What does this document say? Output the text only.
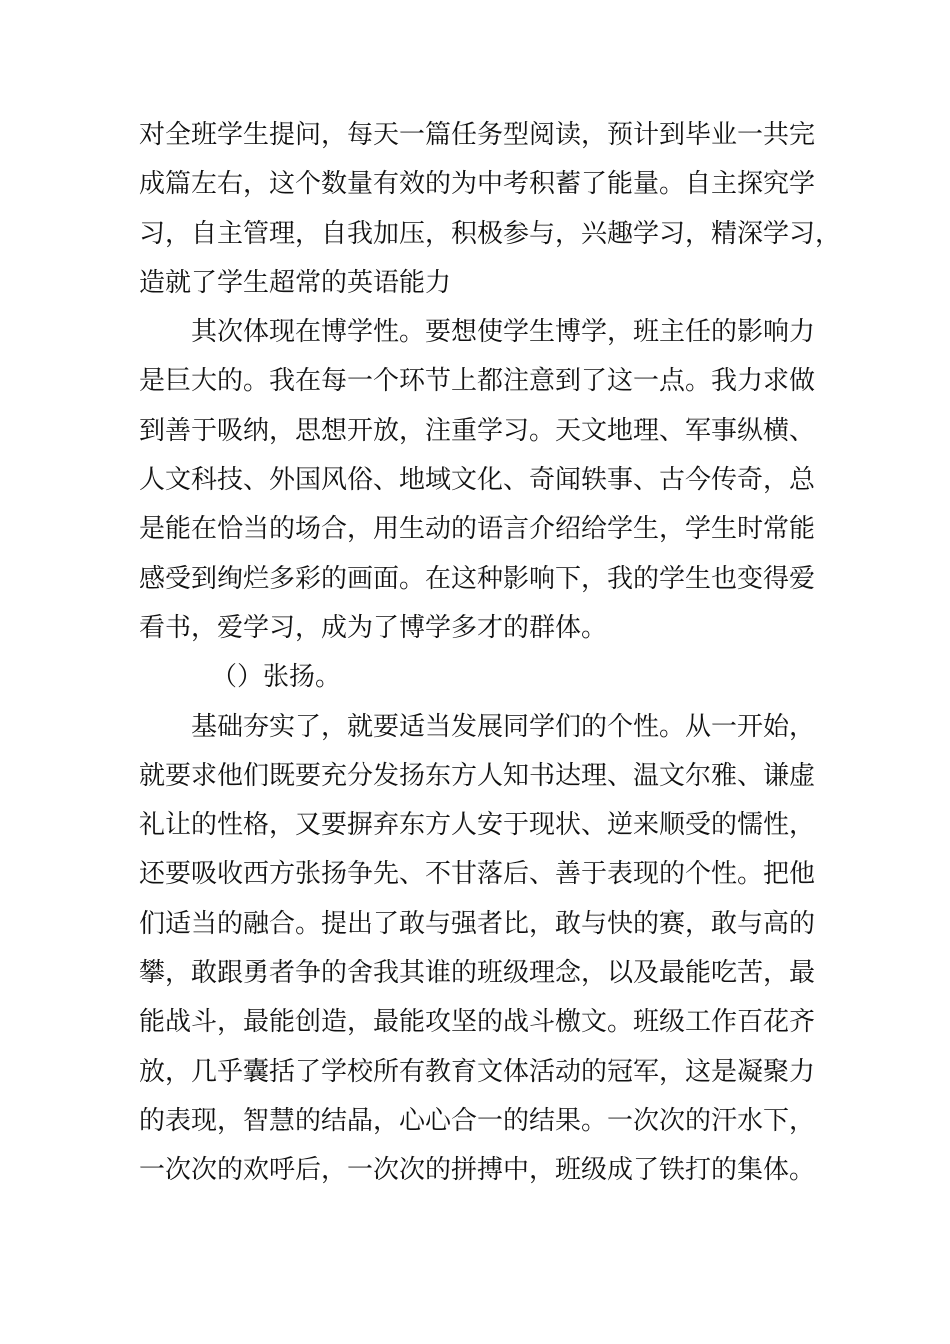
对全班学生提问，每天一篇任务型阅读，预计到毕业一共完
成篇左右，这个数量有效的为中考积蓄了能量。自主探究学
习，自主管理，自我加压，积极参与，兴趣学习，精深学习，
造就了学生超常的英语能力
其次体现在博学性。要想使学生博学，班主任的影响力
是巨大的。我在每一个环节上都注意到了这一点。我力求做
到善于吸纳，思想开放，注重学习。天文地理、军事纵横、
人文科技、外国风俗、地域文化、奇闻轶事、古今传奇，总
是能在恰当的场合，用生动的语言介绍给学生，学生时常能
感受到绚烂多彩的画面。在这种影响下，我的学生也变得爱
看书，爱学习，成为了博学多才的群体。
（）张扬。
基础夯实了，就要适当发展同学们的个性。从一开始，
就要求他们既要充分发扬东方人知书达理、温文尔雅、谦虚
礼让的性格，又要摒弃东方人安于现状、逆来顺受的懦性，
还要吸收西方张扬争先、不甘落后、善于表现的个性。把他
们适当的融合。提出了敢与强者比，敢与快的赛，敢与高的
攀，敢跟勇者争的舍我其谁的班级理念，以及最能吃苦，最
能战斗，最能创造，最能攻坚的战斗檄文。班级工作百花齐
放，几乎囊括了学校所有教育文体活动的冠军，这是凝聚力
的表现，智慧的结晶，心心合一的结果。一次次的汗水下，
一次次的欢呼后，一次次的拼搏中，班级成了铁打的集体。
